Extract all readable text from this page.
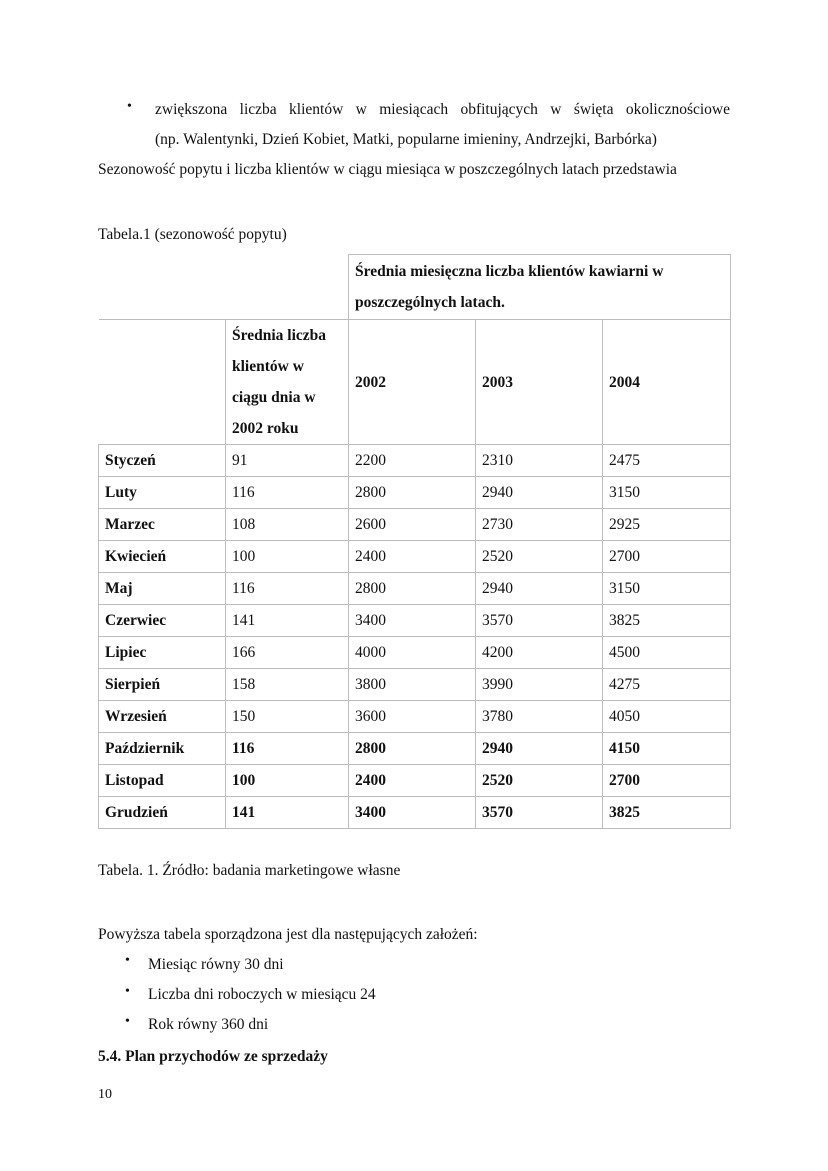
• zwiększona liczba klientów w miesiącach obfitujących w święta okolicznościowe
(np. Walentynki, Dzień Kobiet, Matki, popularne imieniny, Andrzejki, Barbórka)
Sezonowość popytu i liczba klientów w ciągu miesiąca w poszczególnych latach przedstawia
Tabela.1 (sezonowość popytu)

		Średnia miesięczna liczba klientów kawiarni w
poszczególnych latach.		

	Średnia liczba
klientów w
ciągu dnia w
2002 roku	2002	2003	2004
Styczeń	91	2200	2310	2475
Luty	116	2800	2940	3150
Marzec	108	2600	2730	2925
Kwiecień	100	2400	2520	2700
Maj	116	2800	2940	3150
Czerwiec	141	3400	3570	3825
Lipiec	166	4000	4200	4500
Sierpień	158	3800	3990	4275
Wrzesień	150	3600	3780	4050
Październik	116	2800	2940	4150
Listopad	100	2400	2520	2700
Grudzień	141	3400	3570	3825
Tabela. 1. Źródło: badania marketingowe własne
Powyższa tabela sporządzona jest dla następujących założeń:
• Miesiąc równy 30 dni
• Liczba dni roboczych w miesiącu 24
• Rok równy 360 dni
5.4. Plan przychodów ze sprzedaży
10
